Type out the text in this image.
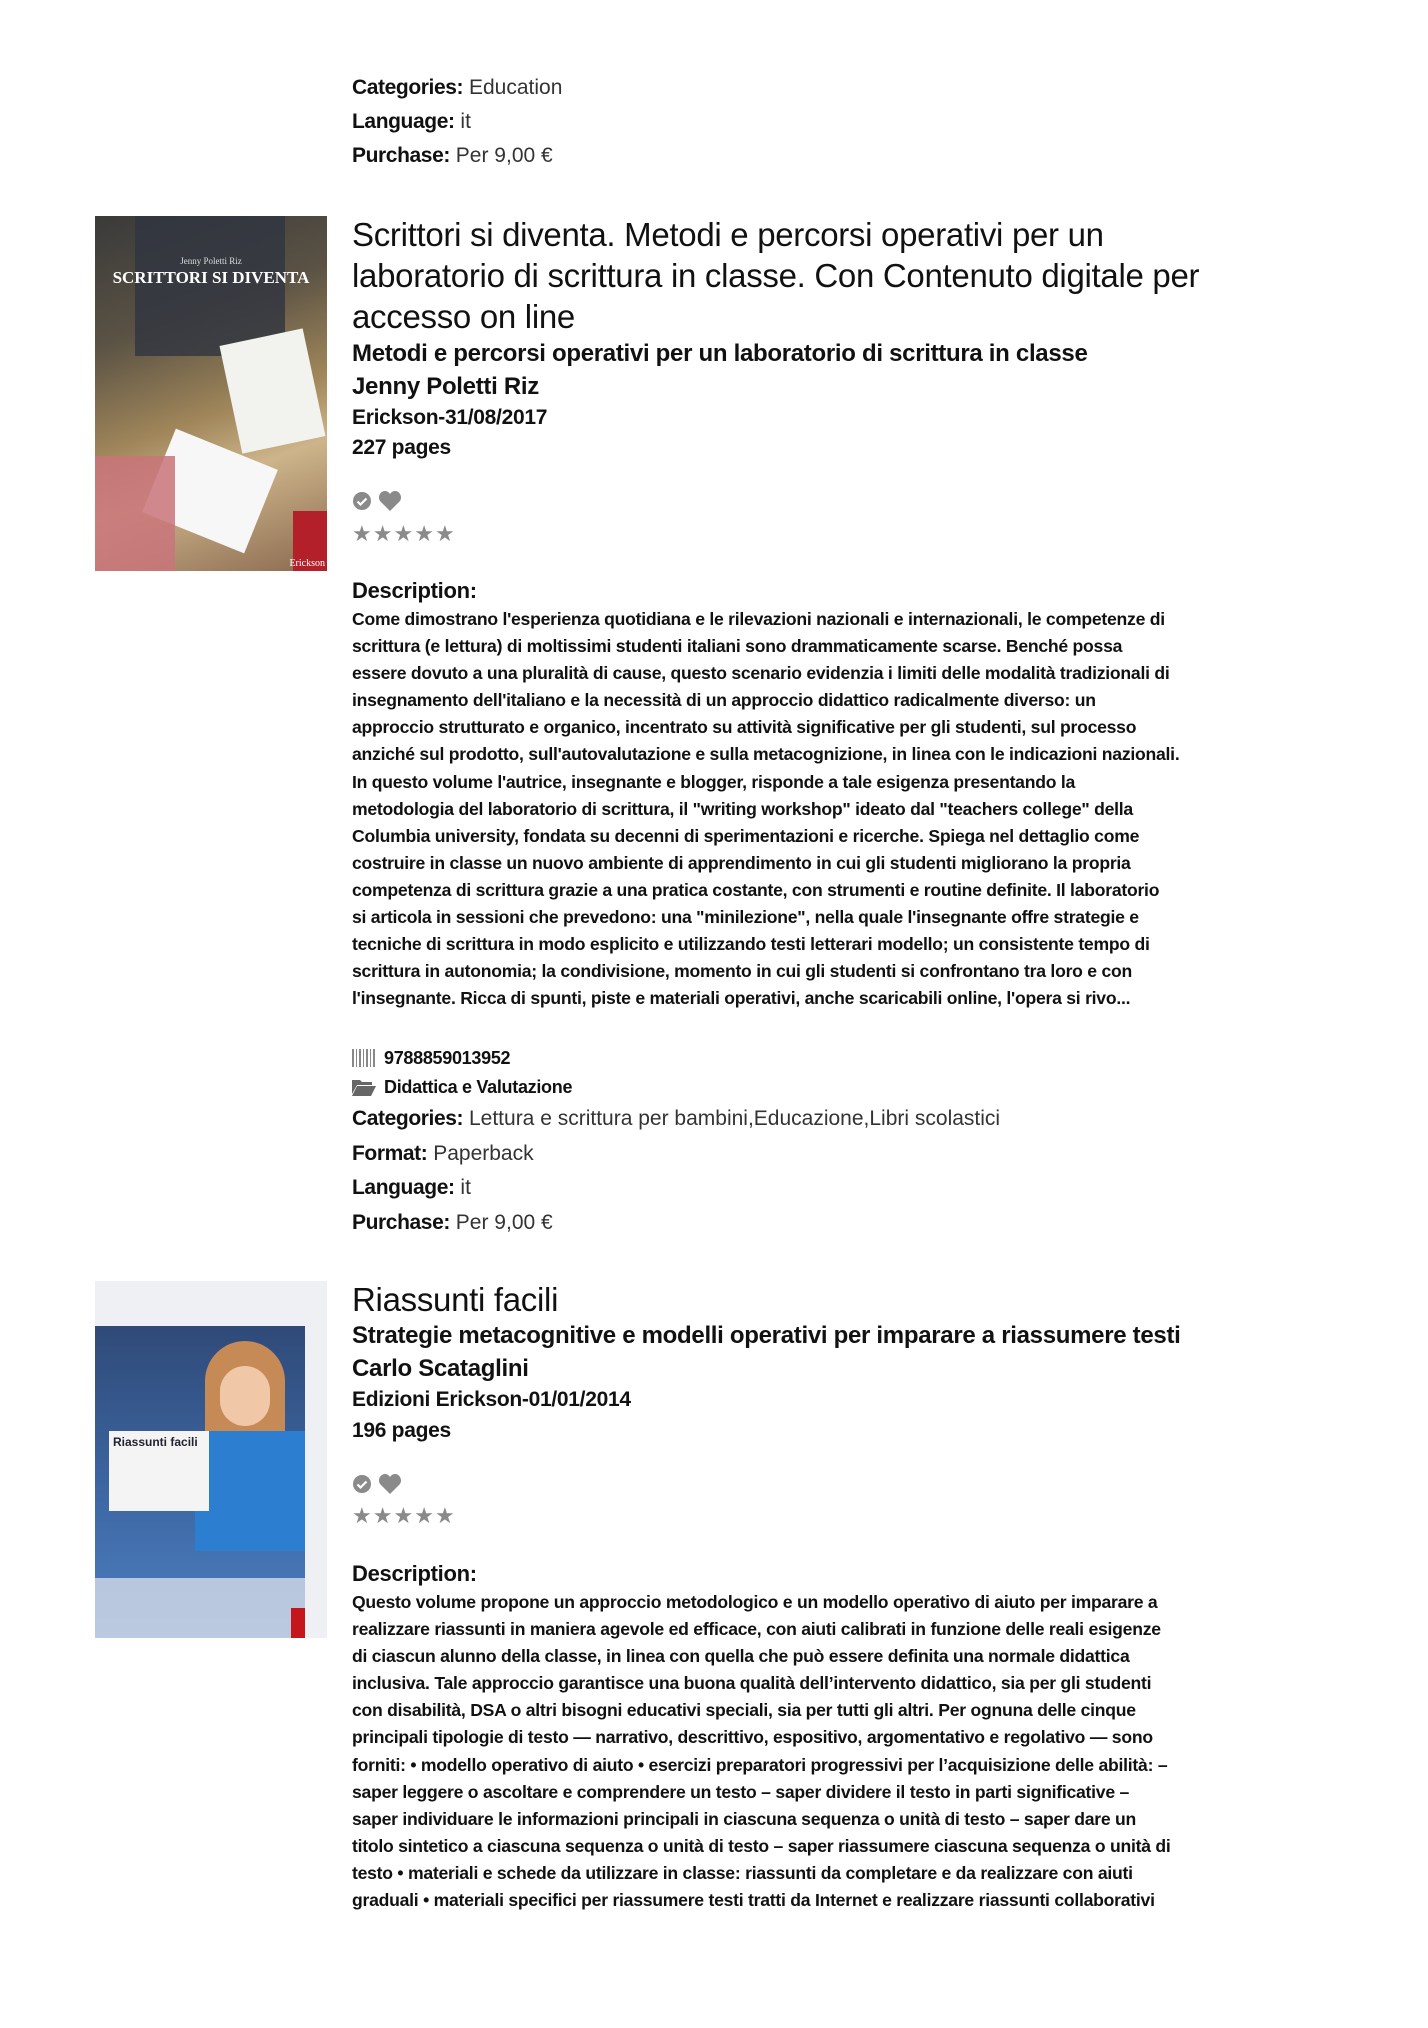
Categories: Education
Language: it
Purchase: Per 9,00 €
Jenny Poletti Riz
SCRITTORI SI DIVENTA
Erickson
Scrittori si diventa. Metodi e percorsi operativi per un
laboratorio di scrittura in classe. Con Contenuto digitale per
accesso on line
Metodi e percorsi operativi per un laboratorio di scrittura in classe
Jenny Poletti Riz
Erickson-31/08/2017
227 pages
★ ★ ★ ★ ★
Description:
Come dimostrano l'esperienza quotidiana e le rilevazioni nazionali e internazionali, le competenze di
scrittura (e lettura) di moltissimi studenti italiani sono drammaticamente scarse. Benché possa
essere dovuto a una pluralità di cause, questo scenario evidenzia i limiti delle modalità tradizionali di
insegnamento dell'italiano e la necessità di un approccio didattico radicalmente diverso: un
approccio strutturato e organico, incentrato su attività significative per gli studenti, sul processo
anziché sul prodotto, sull'autovalutazione e sulla metacognizione, in linea con le indicazioni nazionali.
In questo volume l'autrice, insegnante e blogger, risponde a tale esigenza presentando la
metodologia del laboratorio di scrittura, il "writing workshop" ideato dal "teachers college" della
Columbia university, fondata su decenni di sperimentazioni e ricerche. Spiega nel dettaglio come
costruire in classe un nuovo ambiente di apprendimento in cui gli studenti migliorano la propria
competenza di scrittura grazie a una pratica costante, con strumenti e routine definite. Il laboratorio
si articola in sessioni che prevedono: una "minilezione", nella quale l'insegnante offre strategie e
tecniche di scrittura in modo esplicito e utilizzando testi letterari modello; un consistente tempo di
scrittura in autonomia; la condivisione, momento in cui gli studenti si confrontano tra loro e con
l'insegnante. Ricca di spunti, piste e materiali operativi, anche scaricabili online, l'opera si rivo...
9788859013952
Didattica e Valutazione
Categories: Lettura e scrittura per bambini,Educazione,Libri scolastici
Format: Paperback
Language: it
Purchase: Per 9,00 €
Riassunti facili
Riassunti facili
Strategie metacognitive e modelli operativi per imparare a riassumere testi
Carlo Scataglini
Edizioni Erickson-01/01/2014
196 pages
★ ★ ★ ★ ★
Description:
Questo volume propone un approccio metodologico e un modello operativo di aiuto per imparare a
realizzare riassunti in maniera agevole ed efficace, con aiuti calibrati in funzione delle reali esigenze
di ciascun alunno della classe, in linea con quella che può essere definita una normale didattica
inclusiva. Tale approccio garantisce una buona qualità dell’intervento didattico, sia per gli studenti
con disabilità, DSA o altri bisogni educativi speciali, sia per tutti gli altri. Per ognuna delle cinque
principali tipologie di testo — narrativo, descrittivo, espositivo, argomentativo e regolativo — sono
forniti: • modello operativo di aiuto • esercizi preparatori progressivi per l’acquisizione delle abilità: –
saper leggere o ascoltare e comprendere un testo – saper dividere il testo in parti significative –
saper individuare le informazioni principali in ciascuna sequenza o unità di testo – saper dare un
titolo sintetico a ciascuna sequenza o unità di testo – saper riassumere ciascuna sequenza o unità di
testo • materiali e schede da utilizzare in classe: riassunti da completare e da realizzare con aiuti
graduali • materiali specifici per riassumere testi tratti da Internet e realizzare riassunti collaborativi
